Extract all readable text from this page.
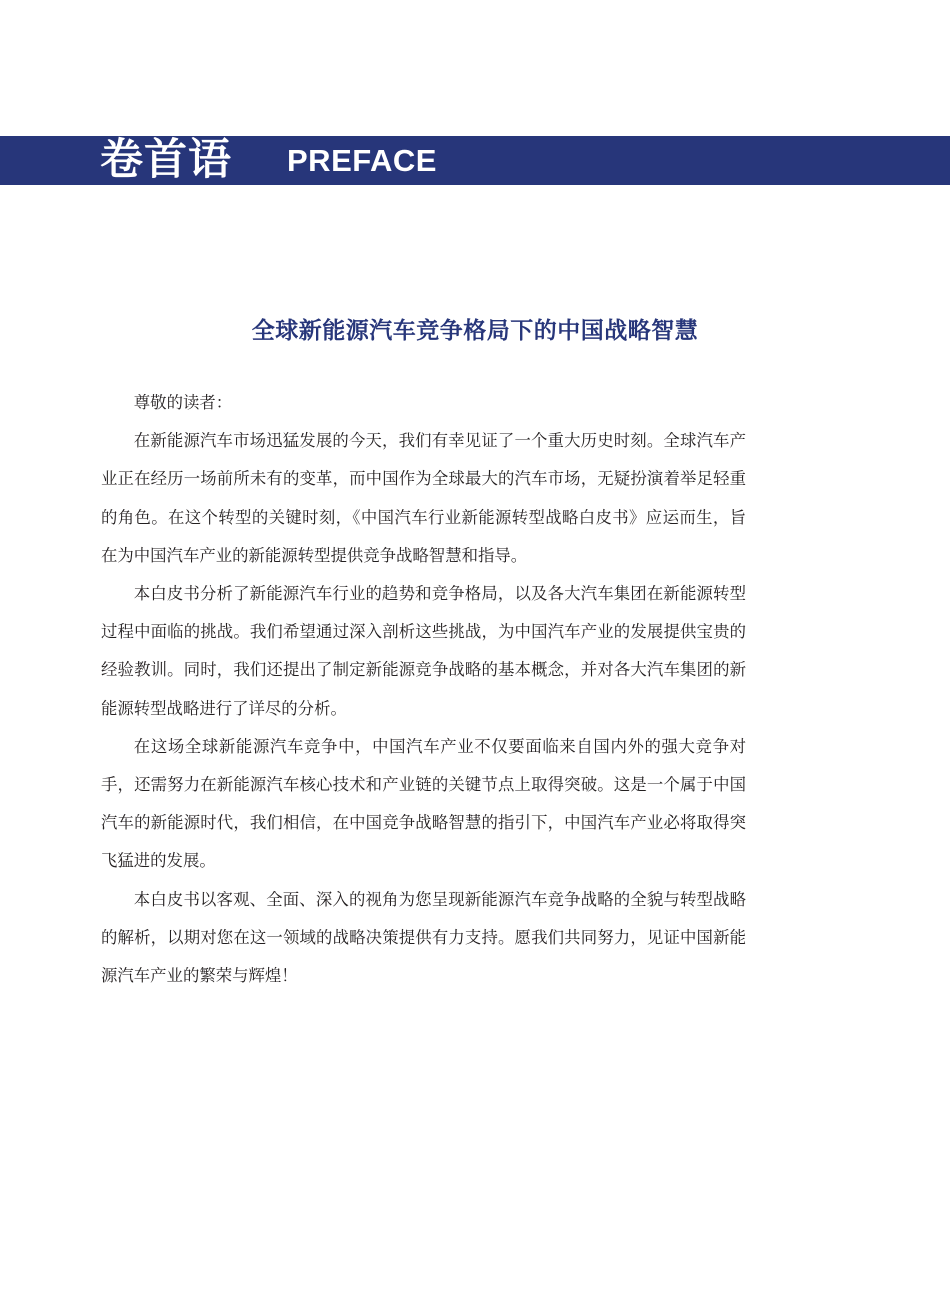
卷首语 PREFACE
全球新能源汽车竞争格局下的中国战略智慧

尊敬的读者：

在新能源汽车市场迅猛发展的今天，我们有幸见证了一个重大历史时刻。全球汽车产业正在经历一场前所未有的变革，而中国作为全球最大的汽车市场，无疑扮演着举足轻重的角色。在这个转型的关键时刻，《中国汽车行业新能源转型战略白皮书》应运而生，旨在为中国汽车产业的新能源转型提供竞争战略智慧和指导。

本白皮书分析了新能源汽车行业的趋势和竞争格局，以及各大汽车集团在新能源转型过程中面临的挑战。我们希望通过深入剖析这些挑战，为中国汽车产业的发展提供宝贵的经验教训。同时，我们还提出了制定新能源竞争战略的基本概念，并对各大汽车集团的新能源转型战略进行了详尽的分析。

在这场全球新能源汽车竞争中，中国汽车产业不仅要面临来自国内外的强大竞争对手，还需努力在新能源汽车核心技术和产业链的关键节点上取得突破。这是一个属于中国汽车的新能源时代，我们相信，在中国竞争战略智慧的指引下，中国汽车产业必将取得突飞猛进的发展。

本白皮书以客观、全面、深入的视角为您呈现新能源汽车竞争战略的全貌与转型战略的解析，以期对您在这一领域的战略决策提供有力支持。愿我们共同努力，见证中国新能源汽车产业的繁荣与辉煌！
